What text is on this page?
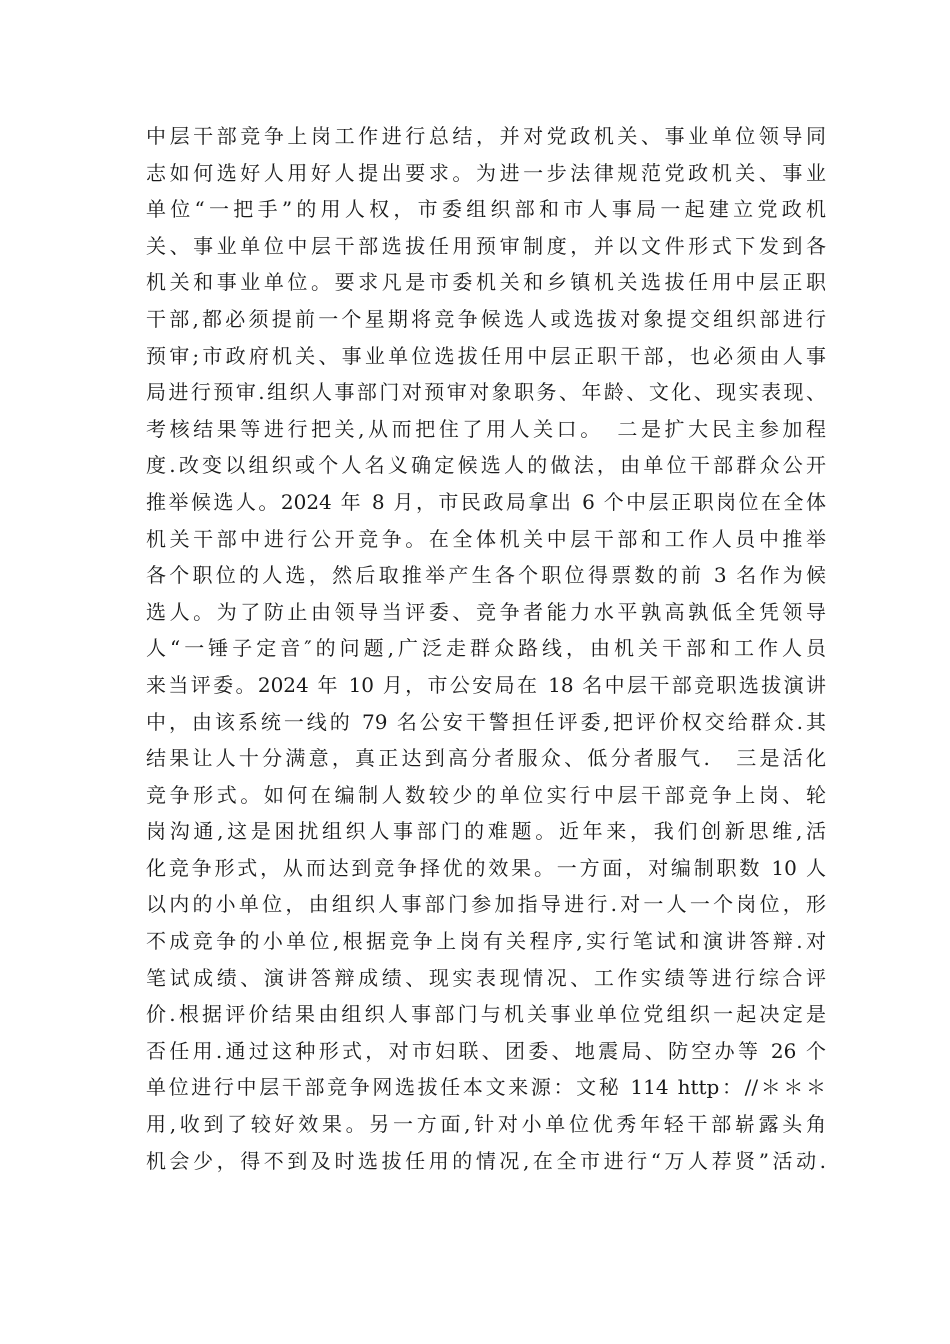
中层干部竞争上岗工作进行总结，并对党政机关、事业单位领导同
志如何选好人用好人提出要求。为进一步法律规范党政机关、事业
单位“一把手”的用人权，市委组织部和市人事局一起建立党政机
关、事业单位中层干部选拔任用预审制度，并以文件形式下发到各
机关和事业单位。要求凡是市委机关和乡镇机关选拔任用中层正职
干部,都必须提前一个星期将竞争候选人或选拔对象提交组织部进行
预审;市政府机关、事业单位选拔任用中层正职干部，也必须由人事
局进行预审.组织人事部门对预审对象职务、年龄、文化、现实表现、
考核结果等进行把关,从而把住了用人关口。　二是扩大民主参加程
度.改变以组织或个人名义确定候选人的做法，由单位干部群众公开
推举候选人。2024 年 8 月，市民政局拿出 6 个中层正职岗位在全体
机关干部中进行公开竞争。在全体机关中层干部和工作人员中推举
各个职位的人选，然后取推举产生各个职位得票数的前 3 名作为候
选人。为了防止由领导当评委、竞争者能力水平孰高孰低全凭领导
人“一锤子定音″的问题,广泛走群众路线，由机关干部和工作人员
来当评委。2024 年 10 月，市公安局在 18 名中层干部竞职选拔演讲
中，由该系统一线的 79 名公安干警担任评委,把评价权交给群众.其
结果让人十分满意，真正达到高分者服众、低分者服气.　三是活化
竞争形式。如何在编制人数较少的单位实行中层干部竞争上岗、轮
岗沟通,这是困扰组织人事部门的难题。近年来，我们创新思维,活
化竞争形式，从而达到竞争择优的效果。一方面，对编制职数 10 人
以内的小单位，由组织人事部门参加指导进行.对一人一个岗位，形
不成竞争的小单位,根据竞争上岗有关程序,实行笔试和演讲答辩.对
笔试成绩、演讲答辩成绩、现实表现情况、工作实绩等进行综合评
价.根据评价结果由组织人事部门与机关事业单位党组织一起决定是
否任用.通过这种形式，对市妇联、团委、地震局、防空办等 26 个
单位进行中层干部竞争网选拔任本文来源：文秘 114 http：//＊＊＊
用,收到了较好效果。另一方面,针对小单位优秀年轻干部崭露头角
机会少，得不到及时选拔任用的情况,在全市进行“万人荐贤”活动.
